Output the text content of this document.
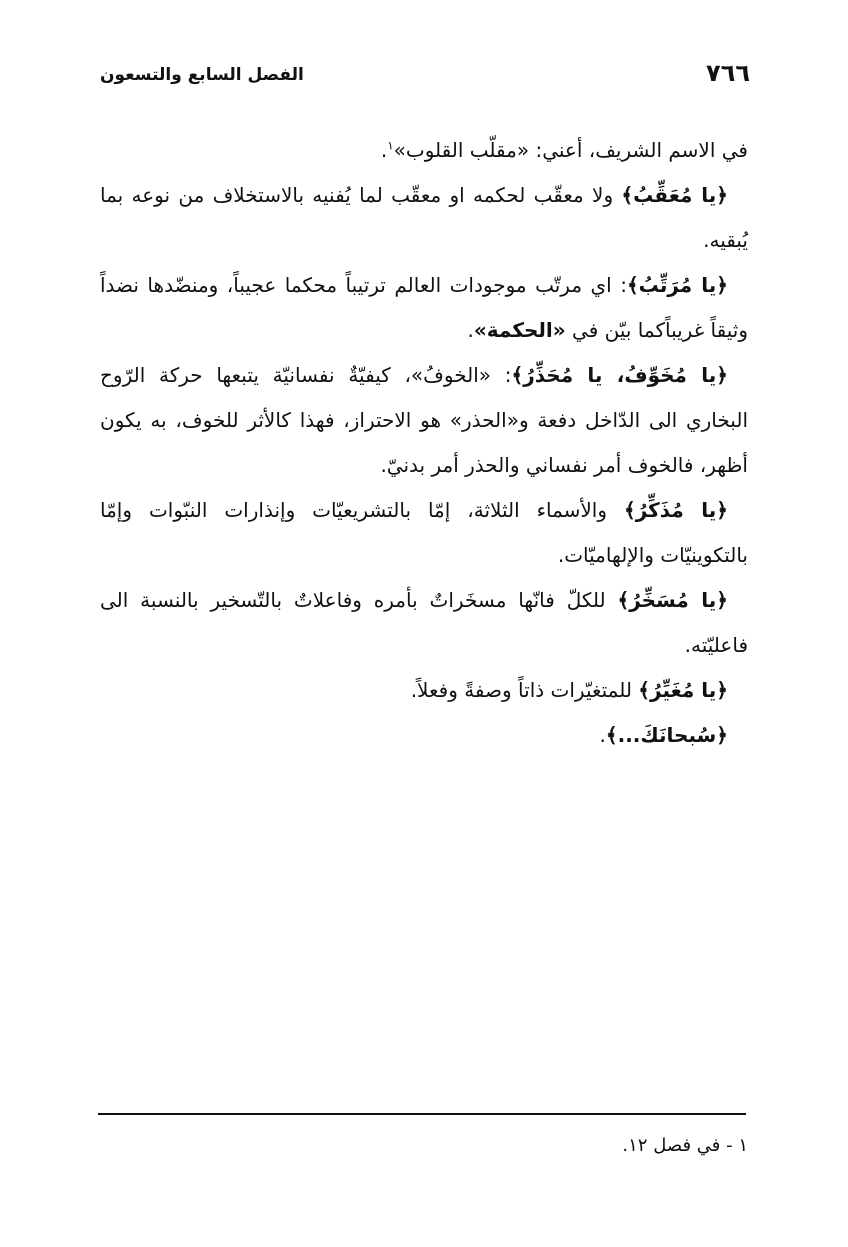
٧٦٦
الفصل السابع والتسعون

في الاسم الشريف، أعني: «مقلّب القلوب»$^١$.

﴿يا مُعَقِّبُ﴾ ولا معقّب لحكمه او معقّب لما يُفنيه بالاستخلاف من نوعه بما يُبقيه.

﴿يا مُرَتِّبُ﴾: اي مرتّب موجودات العالم ترتيباً محكما عجيباً، ومنضّدها نضداً وثيقاً غريباًكما بيّن في «الحكمة».

﴿يا مُخَوِّفُ، يا مُحَذِّرُ﴾: «الخوفُ»، كيفيّةٌ نفسانيّة يتبعها حركة الرّوح البخاري الى الدّاخل دفعة و«الحذر» هو الاحتراز، فهذا كالأثر للخوف، به يكون أظهر، فالخوف أمر نفساني والحذر أمر بدنيّ.

﴿يا مُذَكِّرُ﴾ والأسماء الثلاثة، إمّا بالتشريعيّات وإنذارات النبّوات وإمّا بالتكوينيّات والإلهاميّات.

﴿يا مُسَخِّرُ﴾ للكلّ فانّها مسخَراتٌ بأمره وفاعلاتٌ بالتّسخير بالنسبة الى فاعليّته.

﴿يا مُغَيِّرُ﴾ للمتغيّرات ذاتاً وصفةً وفعلاً.

﴿سُبحانَكَ...﴾.

١ - في فصل ١٢.
